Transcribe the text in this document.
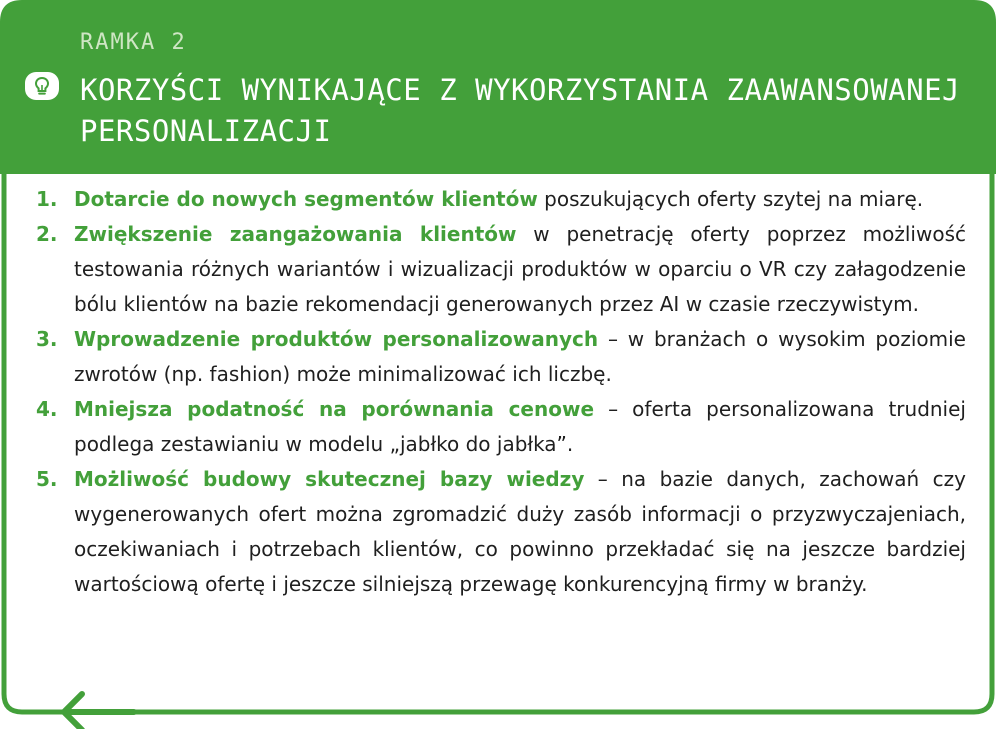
RAMKA 2

KORZYŚCI WYNIKAJĄCE Z WYKORZYSTANIA ZAAWANSOWANEJ PERSONALIZACJI
1. Dotarcie do nowych segmentów klientów poszukujących oferty szytej na miarę.
2. Zwiększenie zaangażowania klientów w penetrację oferty poprzez możliwość testowania różnych wariantów i wizualizacji produktów w oparciu o VR czy załagodzenie bólu klientów na bazie rekomendacji generowanych przez AI w czasie rzeczywistym.
3. Wprowadzenie produktów personalizowanych – w branżach o wysokim poziomie zwrotów (np. fashion) może minimalizować ich liczbę.
4. Mniejsza podatność na porównania cenowe – oferta personalizowana trudniej podlega zestawianiu w modelu „jabłko do jabłka”.
5. Możliwość budowy skutecznej bazy wiedzy – na bazie danych, zachowań czy wygenerowanych ofert można zgromadzić duży zasób informacji o przyzwyczajeniach, oczekiwaniach i potrzebach klientów, co powinno przekładać się na jeszcze bardziej wartościową ofertę i jeszcze silniejszą przewagę konkurencyjną firmy w branży.
